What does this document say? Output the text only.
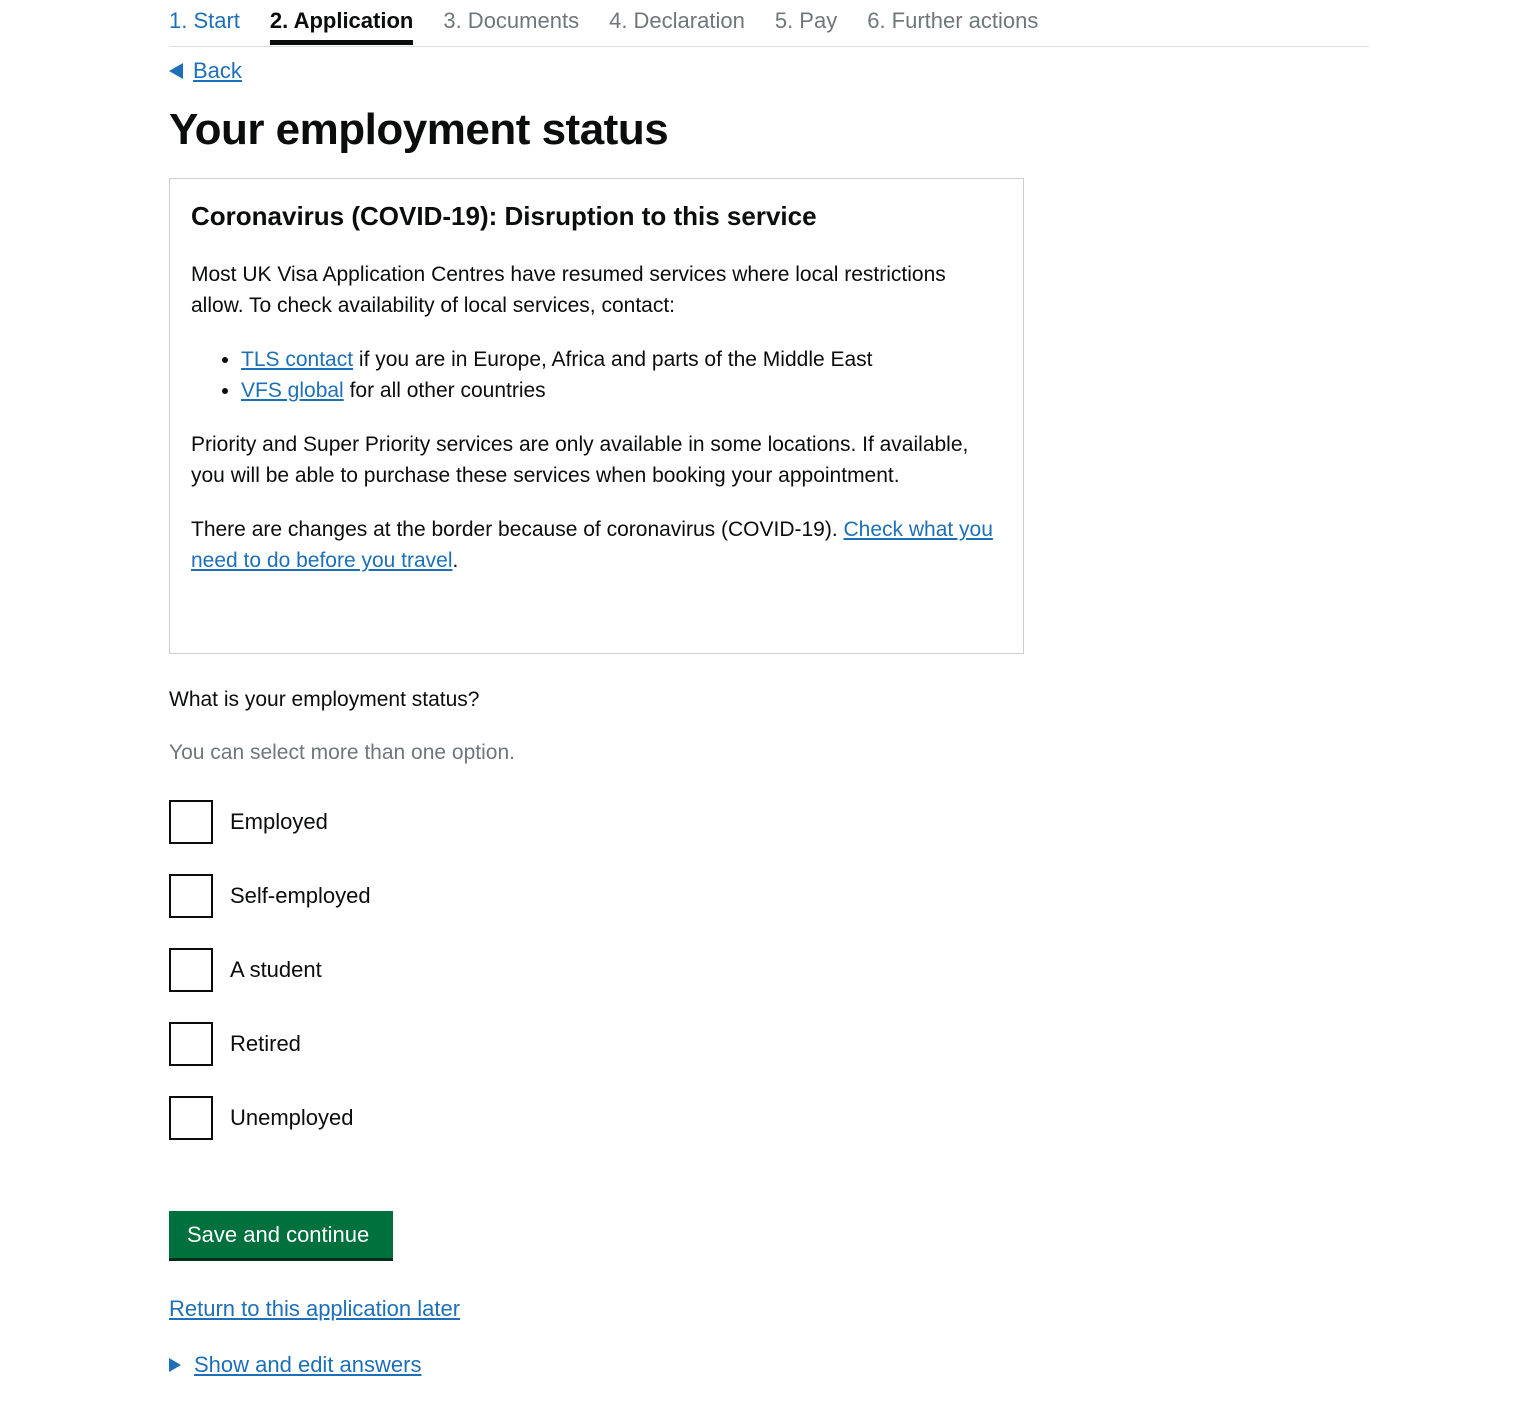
1. Start 2. Application 3. Documents 4. Declaration 5. Pay 6. Further actions
Back
Your employment status
Coronavirus (COVID-19): Disruption to this service

Most UK Visa Application Centres have resumed services where local restrictions allow. To check availability of local services, contact:

• TLS contact if you are in Europe, Africa and parts of the Middle East
• VFS global for all other countries

Priority and Super Priority services are only available in some locations. If available, you will be able to purchase these services when booking your appointment.

There are changes at the border because of coronavirus (COVID-19). Check what you need to do before you travel.

What is your employment status?
You can select more than one option.
Employed
Self-employed
A student
Retired
Unemployed
Save and continue
Return to this application later
Show and edit answers
